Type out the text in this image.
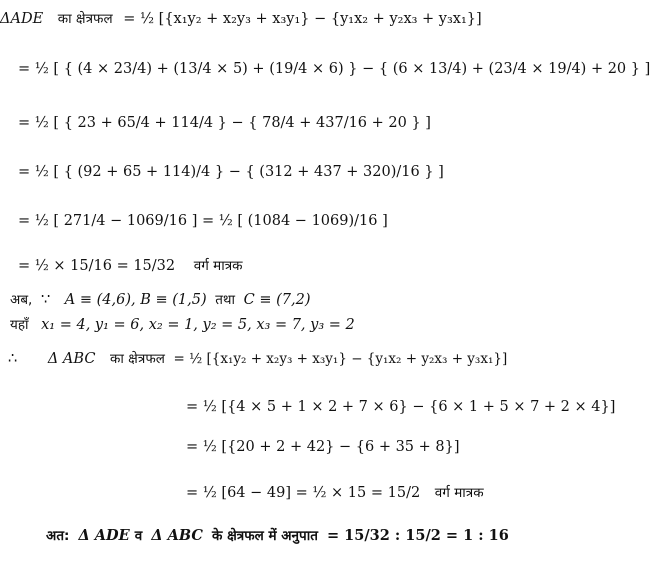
ΔADE का क्षेत्रफल = ½ [{x₁y₂ + x₂y₃ + x₃y₁} − {y₁x₂ + y₂x₃ + y₃x₁}]
= ½ [ { (4 × 23/4) + (13/4 × 5) + (19/4 × 6) } − { (6 × 13/4) + (23/4 × 19/4) + 20 } ]
= ½ [ { 23 + 65/4 + 114/4 } − { 78/4 + 437/16 + 20 } ]
= ½ [ { (92 + 65 + 114)/4 } − { (312 + 437 + 320)/16 } ]
= ½ [ 271/4 − 1069/16 ] = ½ [ (1084 − 1069)/16 ]
= ½ × 15/16 = 15/32 वर्ग मात्रक
अब, ∵ A ≡ (4,6), B ≡ (1,5) तथा C ≡ (7,2)
यहाँ x₁ = 4, y₁ = 6, x₂ = 1, y₂ = 5, x₃ = 7, y₃ = 2
∴ Δ ABC का क्षेत्रफल = ½ [{x₁y₂ + x₂y₃ + x₃y₁} − {y₁x₂ + y₂x₃ + y₃x₁}]
= ½ [{4 × 5 + 1 × 2 + 7 × 6} − {6 × 1 + 5 × 7 + 2 × 4}]
= ½ [{20 + 2 + 42} − {6 + 35 + 8}]
= ½ [64 − 49] = ½ × 15 = 15/2 वर्ग मात्रक
अत: Δ ADE व Δ ABC के क्षेत्रफल में अनुपात = 15/32 : 15/2 = 1 : 16
